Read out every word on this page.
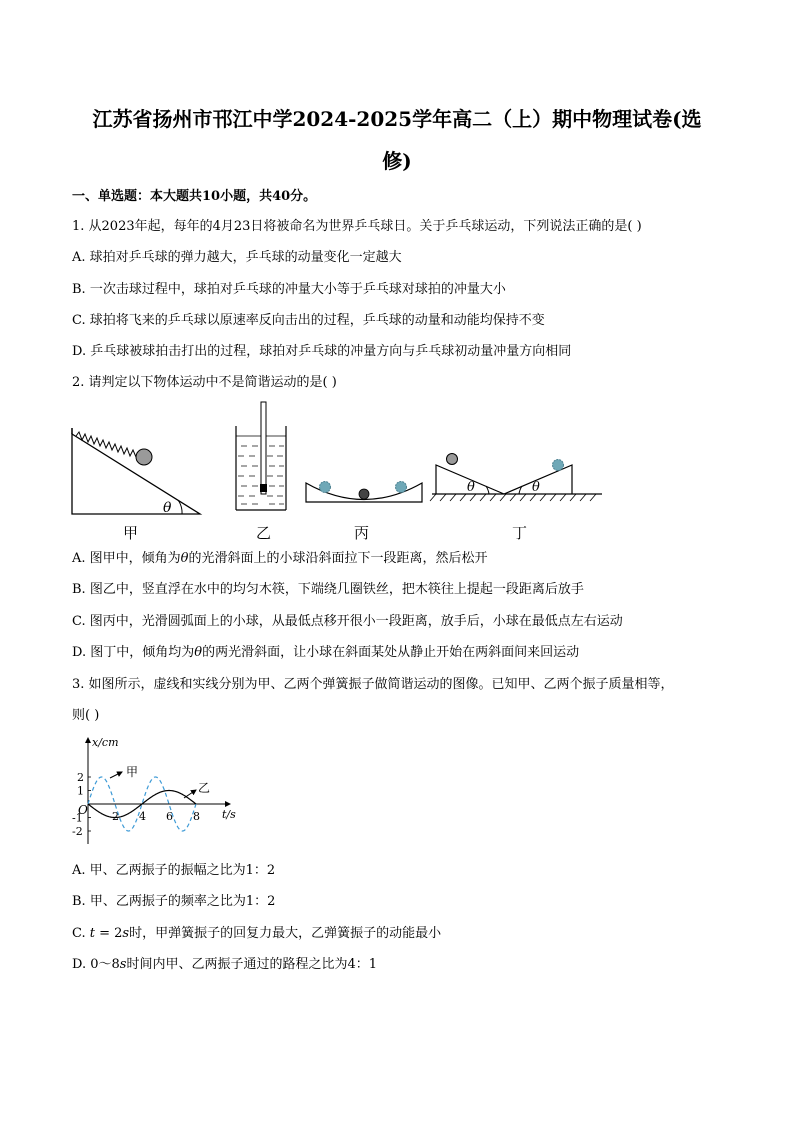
江苏省扬州市邗江中学2024-2025学年高二（上）期中物理试卷(选
修)
一、单选题：本大题共10小题，共40分。
1. 从2023年起，每年的4月23日将被命名为世界乒乓球日。关于乒乓球运动，下列说法正确的是( )
A. 球拍对乒乓球的弹力越大，乒乓球的动量变化一定越大
B. 一次击球过程中，球拍对乒乓球的冲量大小等于乒乓球对球拍的冲量大小
C. 球拍将飞来的乒乓球以原速率反向击出的过程，乒乓球的动量和动能均保持不变
D. 乒乓球被球拍击打出的过程，球拍对乒乓球的冲量方向与乒乓球初动量冲量方向相同
2. 请判定以下物体运动中不是简谐运动的是( )
θ
甲	乙	丙
θ	θ
丁
A. 图甲中，倾角为θ的光滑斜面上的小球沿斜面拉下一段距离，然后松开
B. 图乙中，竖直浮在水中的均匀木筷，下端绕几圈铁丝，把木筷往上提起一段距离后放手
C. 图丙中，光滑圆弧面上的小球，从最低点移开很小一段距离，放手后，小球在最低点左右运动
D. 图丁中，倾角均为θ的两光滑斜面，让小球在斜面某处从静止开始在两斜面间来回运动
3. 如图所示，虚线和实线分别为甲、乙两个弹簧振子做简谐运动的图像。已知甲、乙两个振子质量相等，
则( )
x/cm
t/s
O
2
1
-1
-2
2 4 6 8
甲
乙
A. 甲、乙两振子的振幅之比为1：2
B. 甲、乙两振子的频率之比为1：2
C. t = 2s时，甲弹簧振子的回复力最大，乙弹簧振子的动能最小
D. 0～8s时间内甲、乙两振子通过的路程之比为4：1
